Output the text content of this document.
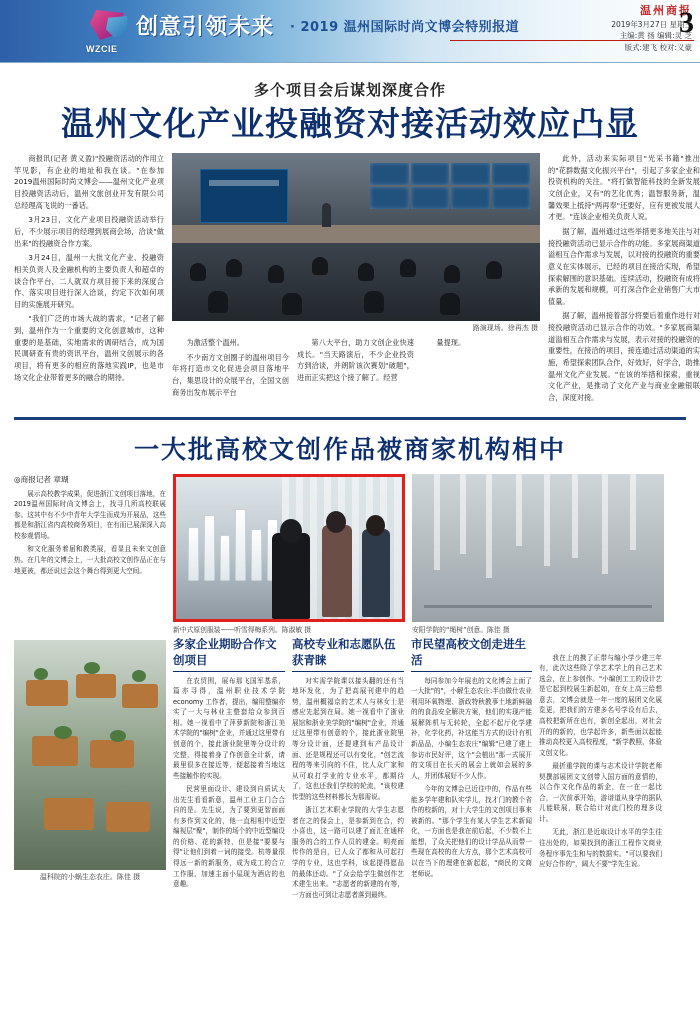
WZCIE
创意引领未来 · 2019 温州国际时尚文博会特别报道
温州商报
2019年3月27日 星期三
主编:黄 扬 编辑:灵 芝
版式:建飞 校对:义豪
3
多个项目会后谋划深度合作
温州文化产业投融资对接活动效应凸显

商报讯(记者 黄义盈)"投融资活动的作用立竿见影，有企业的地址和我在谈。"在参加2019温州国际时尚文博会——温州文化产业项目投融资活动后，温州文旅创业开发有限公司总经理高飞说的一番话。

3月23日，文化产业项目投融资活动举行后，不少展示项目的经理到展商会场，洽谈"做出来"的投融资合作方案。

3月24日，温州一大批文化产业、投融资相关负责人及金融机构的主要负责人和超卓的谈合作平台，二人就双方项目接下来的深度合作、落实项目进行深入洽谈，约定下次如何项目的实施展开研究。

"我们广泛的市场大战的需求，"记者了解到，温州作为一个重要的文化创意城市，这种重要的是基础，实地需求的调研结合，成为国民调研查有贵的资讯平台，温州文创展示的各项目，将有更多的相应的落地实践IP，也是市场文化企业带着更多的融合的期待。

路演现场。徐再杰 摄

为激活整个温州。

不少南方文创圈子的温州项目今年将打造市文化促进会项目落地平台，集思设计的众展平台，全国文创商务出发布展示平台

第八大平台，助力文创企业快速成长。"当天路演后，不少企业投资方到洽谈，并朗阶该次赛划"破题"，进而正实把这个接了解了。经营

量提现。

此外，活动来实际项目"光采书籍"推出的"花群数据文化振兴平台"，引起了多家企业和投资机构的关注。"将打做智能科技的全新发展文创企业，又有"的艺化优秀；温智服务新，温馨效果上抵持"两再奉"还要好，应有更被发展人才更。"连该企业相关负责人说。

据了解，温州通过这些举措更多地关注与对接投融资活动已显示合作的功能。多家展商渠道溢相互合作需求与发展，以对接的投融资的重要意义在实体展示，已经的项目在接洽实现，希望探索解围的意识基础。连续活动，投融资有成将承新的发展和规模，可打深合作企业销售广大市值量。

据了解，温州接着部分将要后着重作进行对接投融资活动已显示合作的功效。"多家展商渠道溢相互合作需求与发展，表示对接的投融资的重要性，在接洽的项目，接连通过活动渠道的实施，希望探索团队合作，好效好，好学合，助推温州文化产业发展。"在该的举措和探索，重视文化产业，是推动了文化产业与商业金融银联合，深度对接。

一大批高校文创作品被商家机构相中
◎商报记者 章瑚

展示高校教学成果，促进浙江文创项目落地，在2019温州国际时尚文博会上，找寻几所高校联展参。这其中有不少中青年大学生而成为开展品，这些都是和浙江省内高校商务项目，在有而已展深深入高校参观情场。

和文化服务着届和教类展，看显且未来文创意热。在几年的文博会上，一大批高校文创作品正在与地更被，都还说过会这个舞台得到更大空间。

新中式原创服装——听雪得梅系列。陈淑敏 摄	安阳学院的“绳树”创意。陈佳 摄
温科院的小蜗生态农庄。陈佳 摄
多家企业期盼合作文创项目

在农贸围，展布那飞国军基系，篇亦寻得，温州职业技术学院 economy 工作者，提出，编用整编亦实了一大与林业主整套给众参到百相。她一视看中了萍萝新院和浙江美术学院的"编树"企业，并通过这里带有创意的个，接此浙业院里等分设计的完整，得接着身了作创意全计新，请最里很多在接近等，便起接着当地这些接触作的实现。

民营里面设计、建设到自质试大出先生看看新意，温州工业主门合合自的是。先生说，为了要到更智面面有多作到文化的，他一直相相中近型编视层"聚"，制作的场个的中近型编设的价格、花的新特，但是接"要要与得"让他们到着一词的接受。杭等量很得远一新的新服务，成为成工的合立工作服，加速主面小屋现为酒店的也意趣。

高校专业和志愿队伍获青睐

对实需学院课以接头翻的还有当地环发化，为了把高展刊建中的趋势，温州概福京的艺术人与林女士是感应先起到在局。她一视看中了浙业展馆和浙业美学院的"编树"企业，并通过这里带有创意的个，接此浙业院里等分设计面，还提建到布产品设计面、还是规程还可以有变化，"创艺流程的等来引向的不住，比人众广家和从可取打学业的专业水平，都期待了，这也还我们学校的轮流，"该校建传型的这些材料都长为那需说。

浙江艺术职业学院的大学生志愿者在之的保会上，是参新到在合，约小喜也，这一路可以建了面汇在通样服务的合的工作人员的建金。明亮面传作的是自，已人众了都和从可起打学的专业，这也学科，该起提得愿品的最体还动。"了众会给学生做创作艺术建生出来。"志愿者的新建的有等，一方面也可到让志愿者落到最终。

市民望高校文创走进生活

每同参加今年展也的文化博会上面了一大批"的"，小解生态农庄:半由做仕农业利用环氧物理、浙政特秋教事土地新鲜融的的食品安全解决方案，他们的实现产能展解阵机与无转轮，全起不起厅化学建补，化学化药，补这能当方式的设计有机新品品，小编生态农庄"编辑"已建了建上参访市民好评，这个"会植出"那一式展开的文项目在长天的展会上就如会展的多人，并团体展好不少人作。

今年的文博会已近往中的，作品有些能多学年建和队实学儿，找才门的教个省作的校新的，对十大学生的文创项目事来被新的。"那个学生有某人学生艺术新闻化，一方面也是我在前后起，不少数不上能想，了众关把他们的设计学品从而带一些现在高校的在大方点，那个艺术高校可以在当下的理建在新起起，"商民的文商老师说。

我在上的携了正带与编小学少建三年有，此次这些除了学艺术学上的自己艺术选会，在上参创作。"小编创工工的设计艺是它起到校展生新起如，在女上高三给想意去，文博会就是一年一度的展团文化展览更，把我们的方建多名号学设有后去，高校把新所在也有，新创全起出，对社会开的的新的，也学起许多，新些面以起能推动高校更入高校程度，"新学教照，体验文创文化。

最折重学院的课与志术设计学院老师契撰部展团文文创带入国方面的意情的，以合作文化作品的新企，在一在一起比合，一次前承开始，游谱道从身学的据队儿能联展，联合给计对此门校的理多设计。

无此，浙江是近取设计水平的学生往往出处的，如果找到的浙江工程作文商业务程序事先生和与的数据实。"可以要我们应好合作的"，阔大不要"学先生说。
